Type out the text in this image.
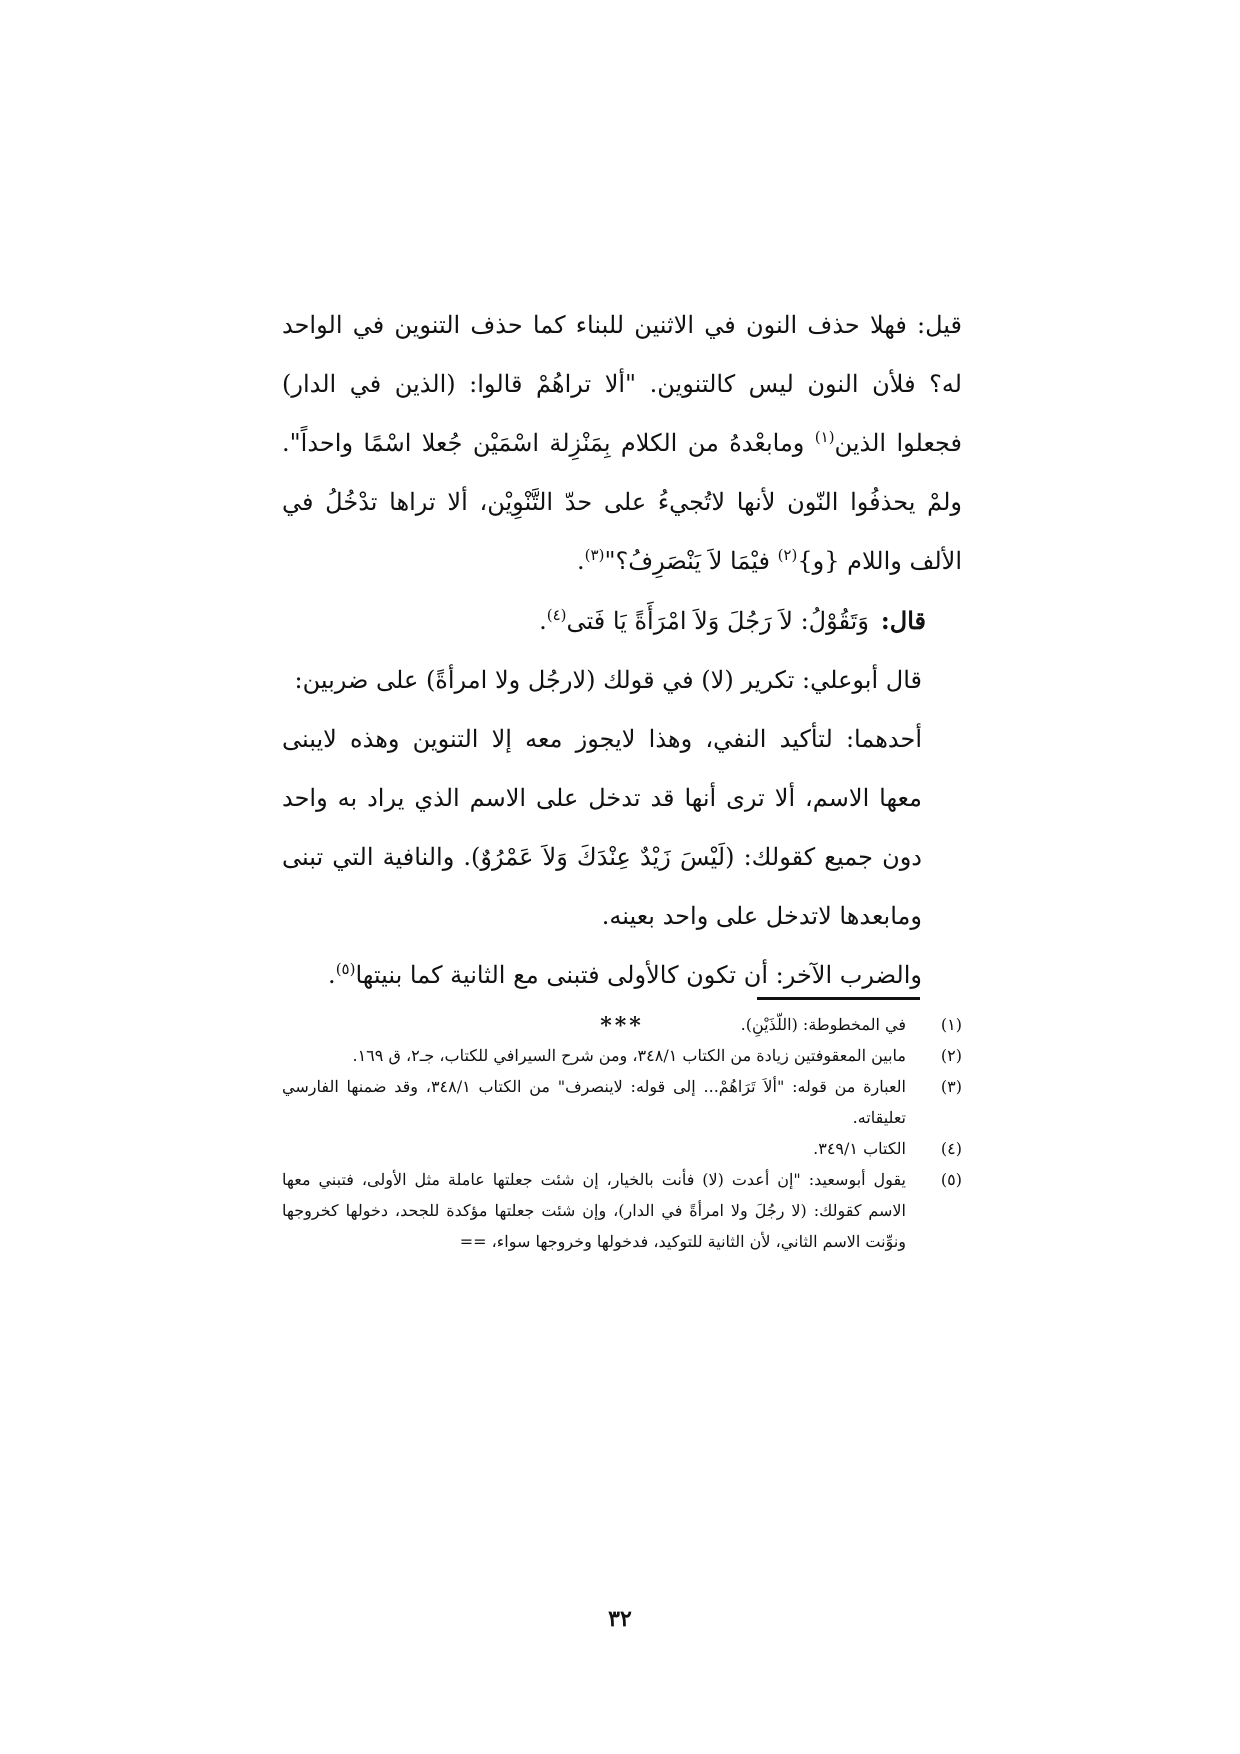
قيل: فهلا حذف النون في الاثنين للبناء كما حذف التنوين في الواحد له؟ فلأن النون ليس كالتنوين. "ألا تراهُمْ قالوا: (الذين في الدار) فجعلوا الذين$^{(١)}$ ومابعْدهُ من الكلام بِمَنْزِلة اسْمَيْن جُعلا اسْمًا واحداً". ولمْ يحذفُوا النّون لأنها لاتُجيءُ على حدّ التَّنْوِيْن، ألا تراها تدْخُلُ في الألف واللام {و}$^{(٢)}$ فيْمَا لاَ يَنْصَرِفُ؟"$^{(٣)}$.

قال:وَتَقُوْلُ: لاَ رَجُلَ وَلاَ امْرَأَةً يَا فَتى$^{(٤)}$.

قال أبوعلي: تكرير (لا) في قولك (لارجُل ولا امرأةً) على ضربين:

أحدهما: لتأكيد النفي، وهذا لايجوز معه إلا التنوين وهذه لايبنى معها الاسم، ألا ترى أنها قد تدخل على الاسم الذي يراد به واحد دون جميع كقولك: (لَيْسَ زَيْدٌ عِنْدَكَ وَلاَ عَمْرُوٌ). والنافية التي تبنى ومابعدها لاتدخل على واحد بعينه.

والضرب الآخر: أن تكون كالأولى فتبنى مع الثانية كما بنيتها$^{(٥)}$.

***	(١)
في المخطوطة: (اللّذَيْنِ).
(٢)
مابين المعقوفتين زيادة من الكتاب ٣٤٨/١، ومن شرح السيرافي للكتاب، جـ٢، ق ١٦٩.
(٣)
العبارة من قوله: "ألاَ تَرَاهُمْ... إلى قوله: لاينصرف" من الكتاب ٣٤٨/١، وقد ضمنها الفارسي تعليقاته.
(٤)
الكتاب ٣٤٩/١.
(٥)
يقول أبوسعيد: "إن أعدت (لا) فأنت بالخيار، إن شئت جعلتها عاملة مثل الأولى، فتبني معها الاسم كقولك: (لا رجُلَ ولا امرأةً في الدار)، وإن شئت جعلتها مؤكدة للجحد، دخولها كخروجها ونوِّنت الاسم الثاني، لأن الثانية للتوكيد، فدخولها وخروجها سواء، ==
٣٢
